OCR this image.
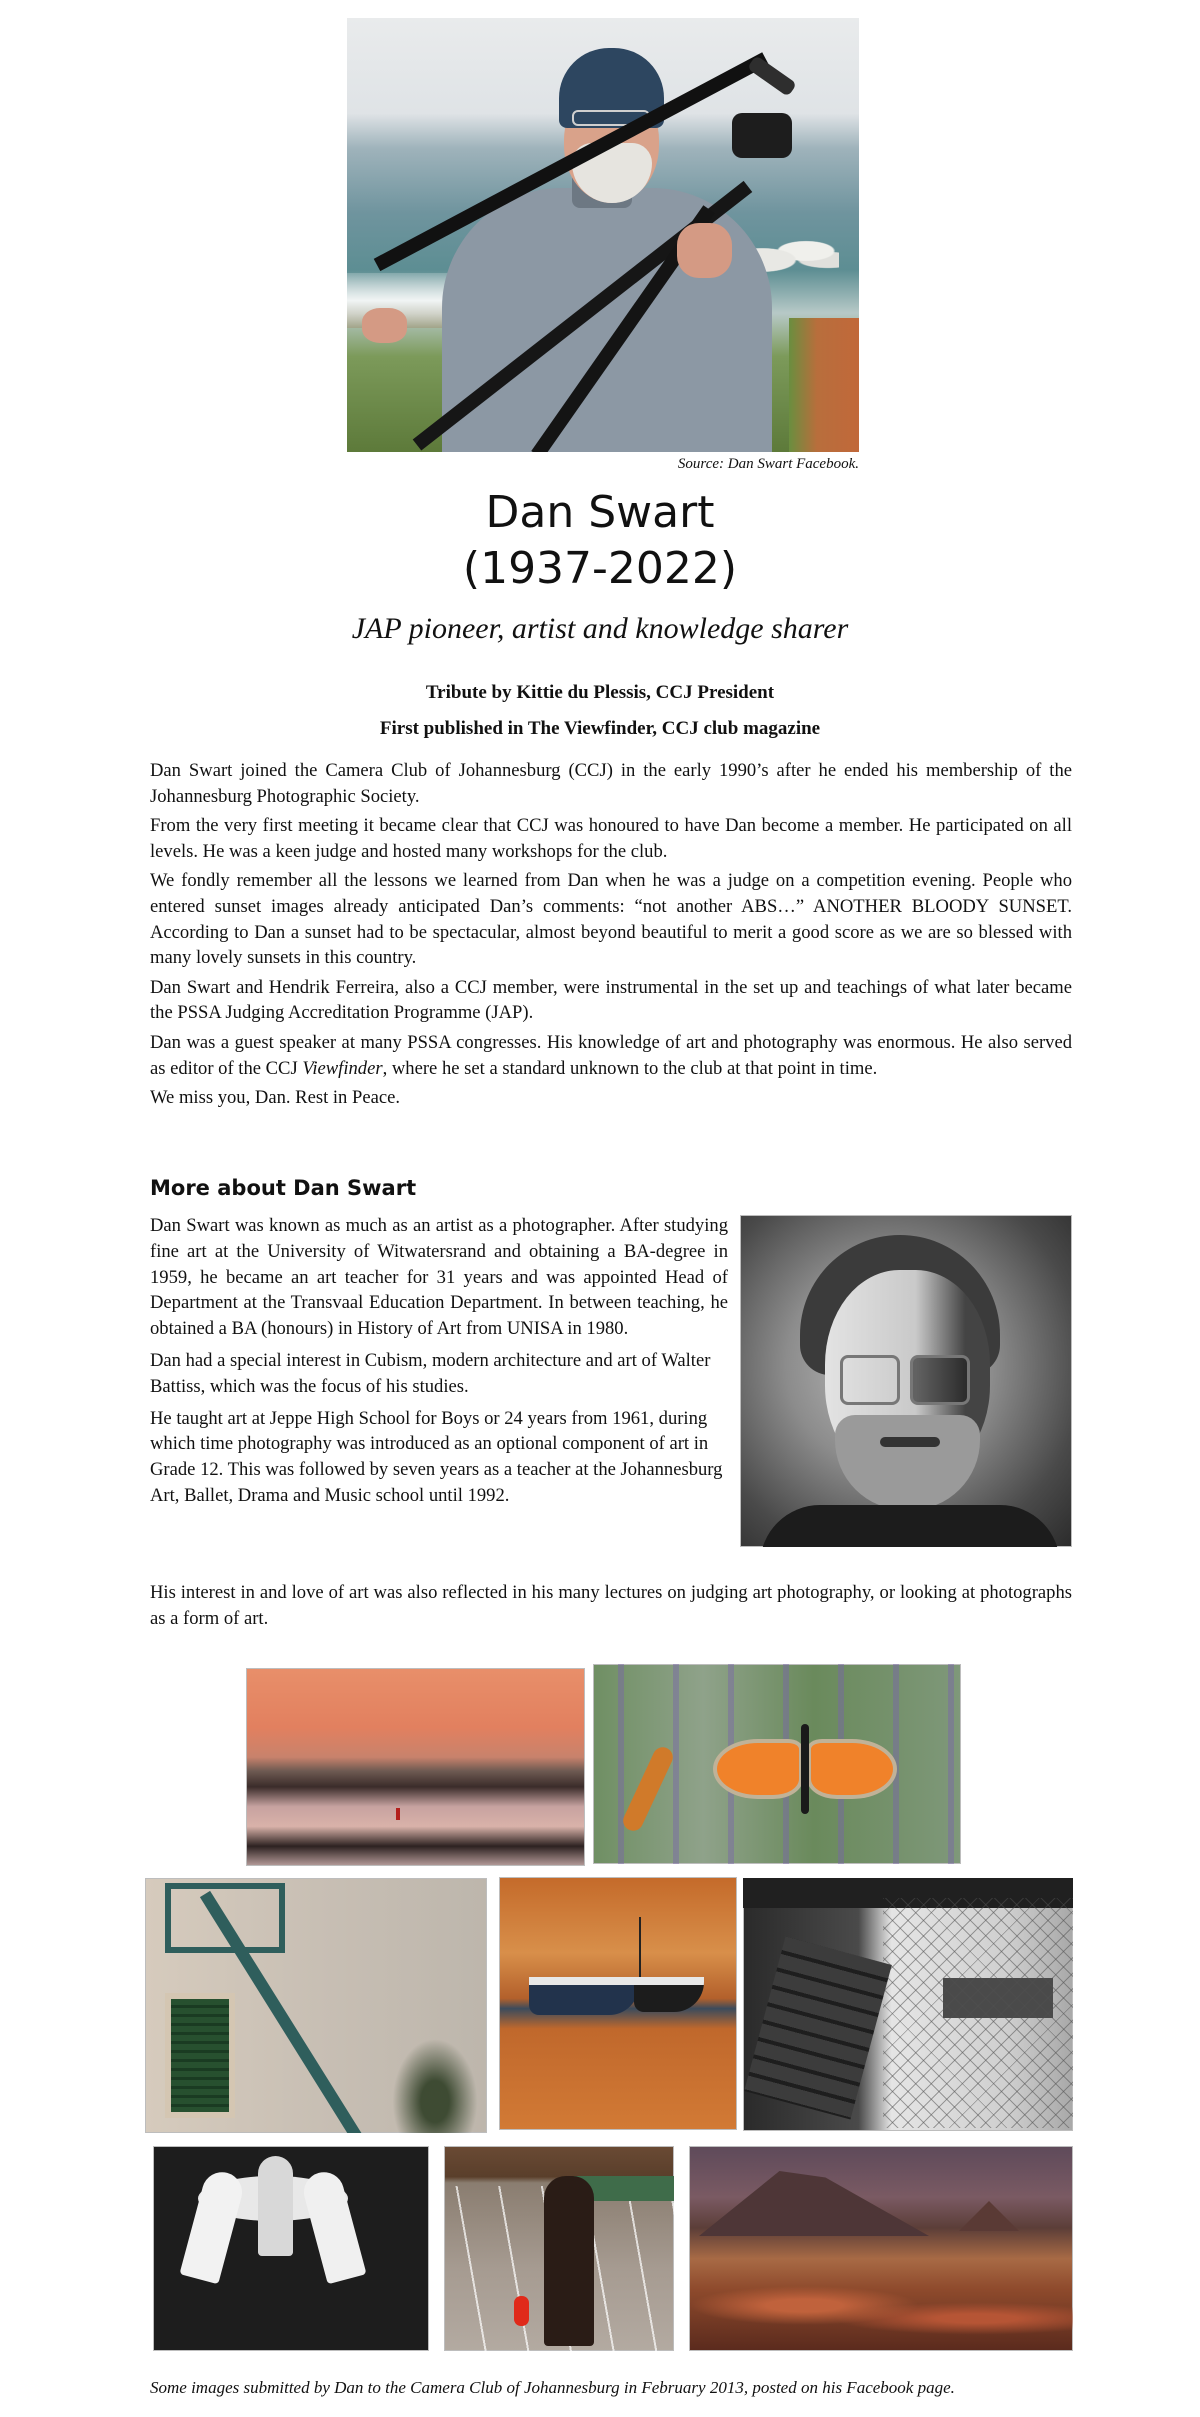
Source: Dan Swart Facebook.
Dan Swart
(1937-2022)
JAP pioneer, artist and knowledge sharer
Tribute by Kittie du Plessis, CCJ President
First published in The Viewfinder, CCJ club magazine

Dan Swart joined the Camera Club of Johannesburg (CCJ) in the early 1990’s after he ended his membership of the Johannesburg Photographic Society.

From the very first meeting it became clear that CCJ was honoured to have Dan become a member. He participated on all levels. He was a keen judge and hosted many workshops for the club.

We fondly remember all the lessons we learned from Dan when he was a judge on a competition evening. People who entered sunset images already anticipated Dan’s comments: “not another ABS…” ANOTHER BLOODY SUNSET. According to Dan a sunset had to be spectacular, almost beyond beautiful to merit a good score as we are so blessed with many lovely sunsets in this country.

Dan Swart and Hendrik Ferreira, also a CCJ member, were instrumental in the set up and teachings of what later became the PSSA Judging Accreditation Programme (JAP).

Dan was a guest speaker at many PSSA congresses. His knowledge of art and photography was enormous. He also served as editor of the CCJ Viewfinder, where he set a standard unknown to the club at that point in time.

We miss you, Dan. Rest in Peace.

More about Dan Swart

Dan Swart was known as much as an artist as a photographer. After studying fine art at the University of Witwatersrand and obtaining a BA-degree in 1959, he became an art teacher for 31 years and was appointed Head of Department at the Transvaal Education Department. In between teaching, he obtained a BA (honours) in History of Art from UNISA in 1980.

Dan had a special interest in Cubism, modern architecture and art of Walter Battiss, which was the focus of his studies.

He taught art at Jeppe High School for Boys or 24 years from 1961, during which time photography was introduced as an optional component of art in Grade 12. This was followed by seven years as a teacher at the Johannesburg Art, Ballet, Drama and Music school until 1992.

His interest in and love of art was also reflected in his many lectures on judging art photography, or looking at photographs as a form of art.

Some images submitted by Dan to the Camera Club of Johannesburg in February 2013, posted on his Facebook page.
